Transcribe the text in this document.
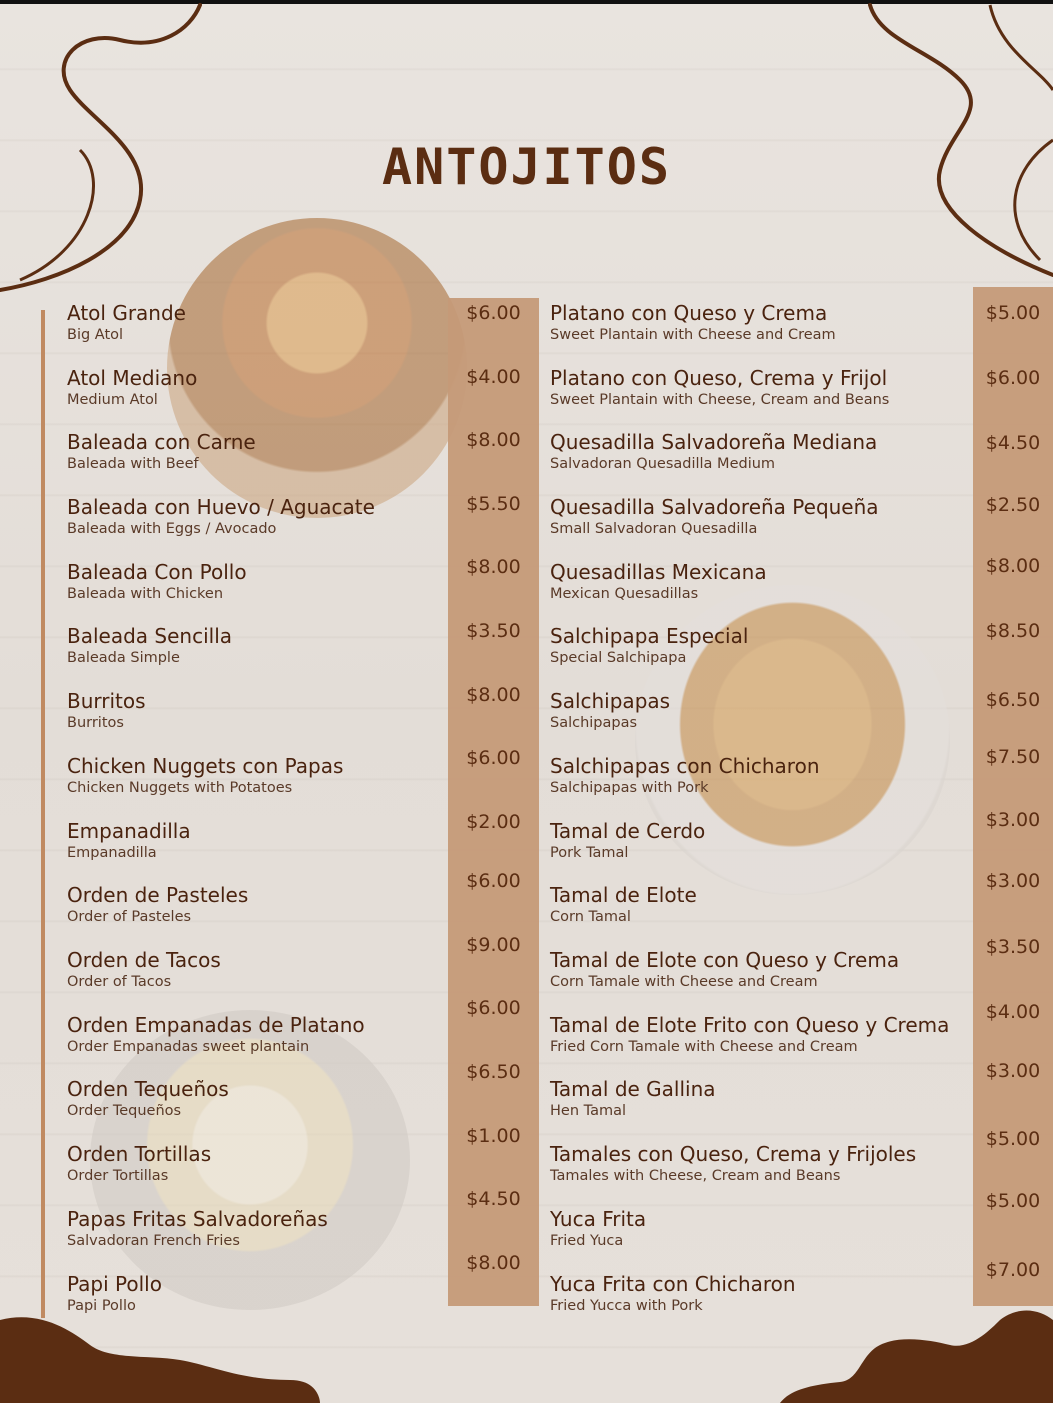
ANTOJITOS
Atol Grande
Big Atol
$6.00
Atol Mediano
Medium Atol
$4.00
Baleada con Carne
Baleada with Beef
$8.00
Baleada con Huevo / Aguacate
Baleada with Eggs / Avocado
$5.50
Baleada Con Pollo
Baleada with Chicken
$8.00
Baleada Sencilla
Baleada Simple
$3.50
Burritos
Burritos
$8.00
Chicken Nuggets con Papas
Chicken Nuggets with Potatoes
$6.00
Empanadilla
Empanadilla
$2.00
Orden de Pasteles
Order of Pasteles
$6.00
Orden de Tacos
Order of Tacos
$9.00
Orden Empanadas de Platano
Order Empanadas sweet plantain
$6.00
Orden Tequeños
Order Tequeños
$6.50
Orden Tortillas
Order Tortillas
$1.00
Papas Fritas Salvadoreñas
Salvadoran French Fries
$4.50
Papi Pollo
Papi Pollo
$8.00
Platano con Queso y Crema
Sweet Plantain with Cheese and Cream
$5.00
Platano con Queso, Crema y Frijol
Sweet Plantain with Cheese, Cream and Beans
$6.00
Quesadilla Salvadoreña Mediana
Salvadoran Quesadilla Medium
$4.50
Quesadilla Salvadoreña Pequeña
Small Salvadoran Quesadilla
$2.50
Quesadillas Mexicana
Mexican Quesadillas
$8.00
Salchipapa Especial
Special Salchipapa
$8.50
Salchipapas
Salchipapas
$6.50
Salchipapas con Chicharon
Salchipapas with Pork
$7.50
Tamal de Cerdo
Pork Tamal
$3.00
Tamal de Elote
Corn Tamal
$3.00
Tamal de Elote con Queso y Crema
Corn Tamale with Cheese and Cream
$3.50
Tamal de Elote Frito con Queso y Crema
Fried Corn Tamale with Cheese and Cream
$4.00
Tamal de Gallina
Hen Tamal
$3.00
Tamales con Queso, Crema y Frijoles
Tamales with Cheese, Cream and Beans
$5.00
Yuca Frita
Fried Yuca
$5.00
Yuca Frita con Chicharon
Fried Yucca with Pork
$7.00
